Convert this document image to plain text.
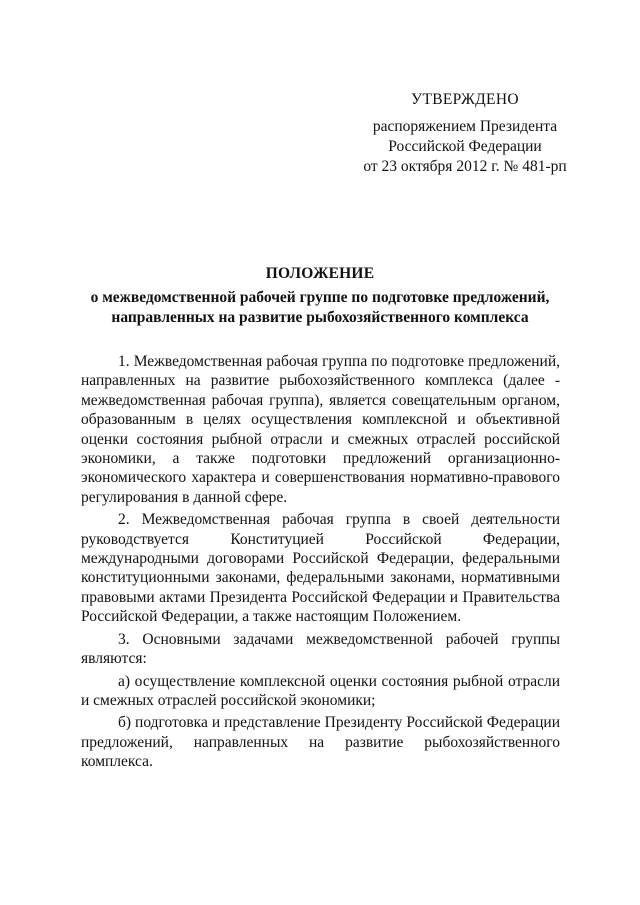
УТВЕРЖДЕНО
распоряжением Президента
Российской Федерации
от 23 октября 2012 г. № 481-рп
ПОЛОЖЕНИЕ
о межведомственной рабочей группе по подготовке предложений,
направленных на развитие рыбохозяйственного комплекса

1. Межведомственная рабочая группа по подготовке предложений, направленных на развитие рыбохозяйственного комплекса (далее - межведомственная рабочая группа), является совещательным органом, образованным в целях осуществления комплексной и объективной оценки состояния рыбной отрасли и смежных отраслей российской экономики, а также подготовки предложений организационно-экономического характера и совершенствования нормативно-правового регулирования в данной сфере.

2. Межведомственная рабочая группа в своей деятельности руководствуется Конституцией Российской Федерации, международными договорами Российской Федерации, федеральными конституционными законами, федеральными законами, нормативными правовыми актами Президента Российской Федерации и Правительства Российской Федерации, а также настоящим Положением.

3. Основными задачами межведомственной рабочей группы являются:

а) осуществление комплексной оценки состояния рыбной отрасли и смежных отраслей российской экономики;

б) подготовка и представление Президенту Российской Федерации предложений, направленных на развитие рыбохозяйственного комплекса.
